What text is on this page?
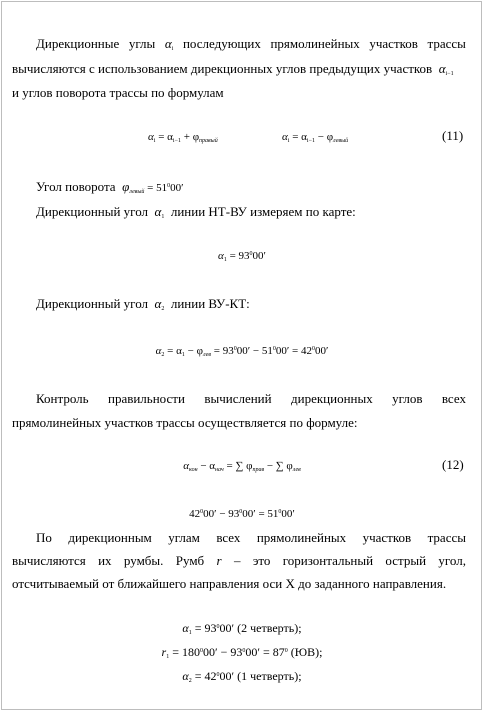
Дирекционные углы $\alpha_i$ последующих прямолинейных участков трассы
вычисляются с использованием дирекционных углов предыдущих участков $\alpha_{i-1}$
и углов поворота трассы по формулам
$\alpha_i = \alpha_{i-1} + \varphi_{правый}$	$\alpha_i = \alpha_{i-1} - \varphi_{левый}$	(11)
Угол поворота $\varphi_{левый} = 51^000'$
Дирекционный угол $\alpha_1$ линии НТ-ВУ измеряем по карте:
$\alpha_1 = 93^000'$
Дирекционный угол $\alpha_2$ линии ВУ-КТ:
$\alpha_2 = \alpha_1 - \varphi_{лев} = 93^000' - 51^000' = 42^000'$
Контроль правильности вычислений дирекционных углов всех
прямолинейных участков трассы осуществляется по формуле:
$\alpha_{кон} - \alpha_{нач}$ = ∑ $\varphi_{прав}$ − ∑ $\varphi_{лев}$	(12)
$42^000' - 93^000' = 51^000'$
По дирекционным углам всех прямолинейных участков трассы
вычисляются их румбы. Румб r – это горизонтальный острый угол,
отсчитываемый от ближайшего направления оси X до заданного направления.
$\alpha_1 = 93^000'$ (2 четверть);
$r_1 = 180^000' - 93^000' = 87^0$ (ЮВ);
$\alpha_2 = 42^000'$ (1 четверть);
